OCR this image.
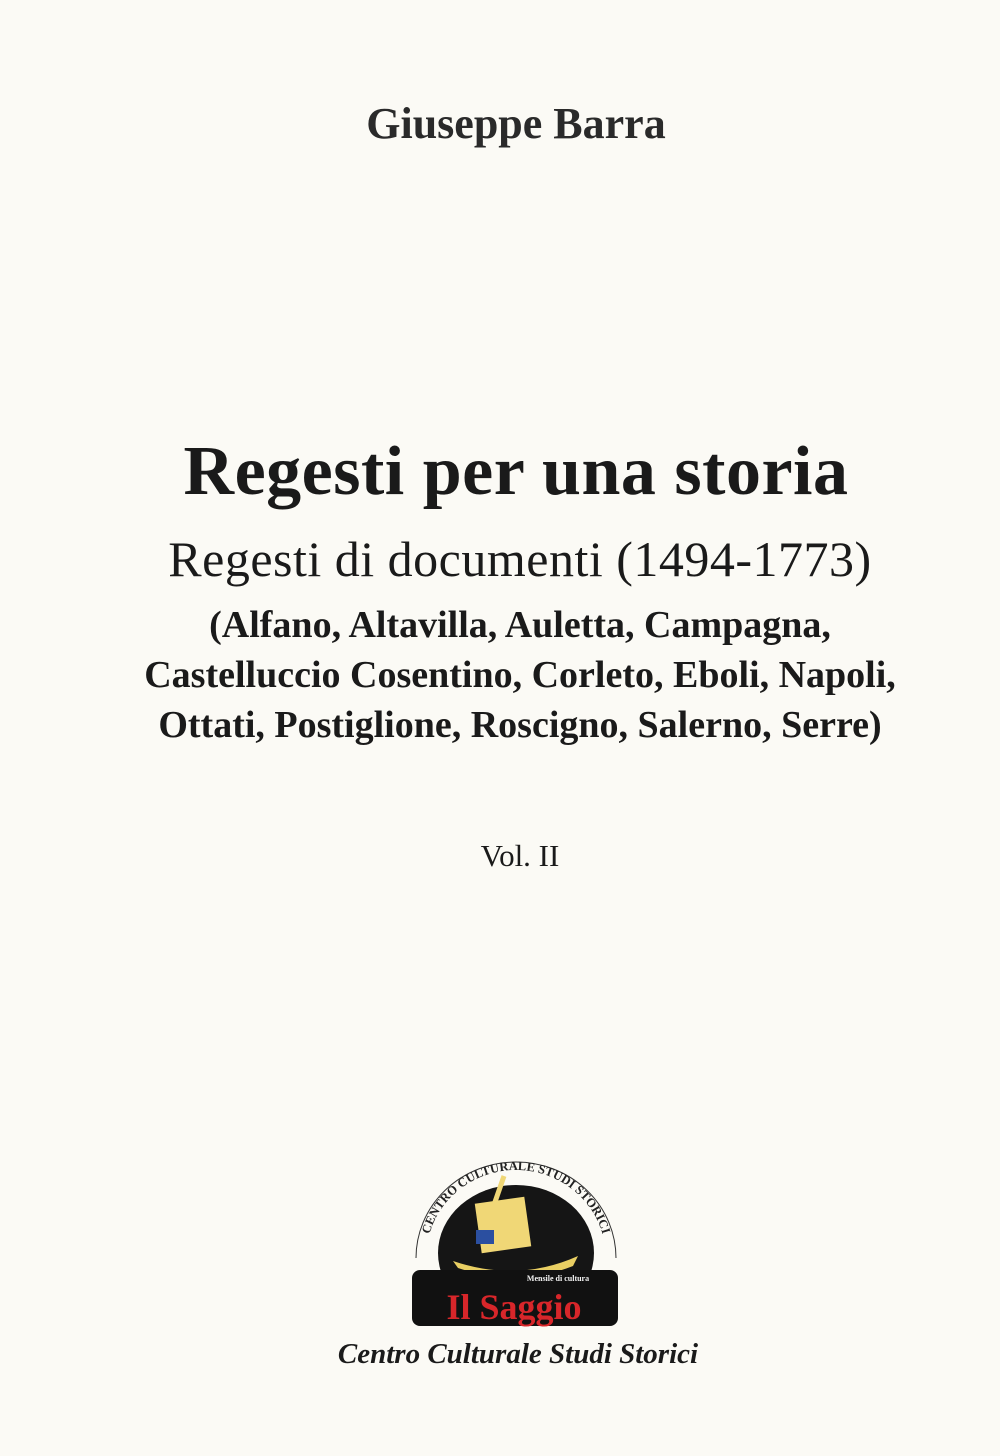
Giuseppe Barra
Regesti per una storia
Regesti di documenti (1494-1773)
(Alfano, Altavilla, Auletta, Campagna,
Castelluccio Cosentino, Corleto, Eboli, Napoli,
Ottati, Postiglione, Roscigno, Salerno, Serre)
Vol. II
CENTRO CULTURALE STUDI STORICI
Mensile di cultura
Il Saggio
Centro Culturale Studi Storici
